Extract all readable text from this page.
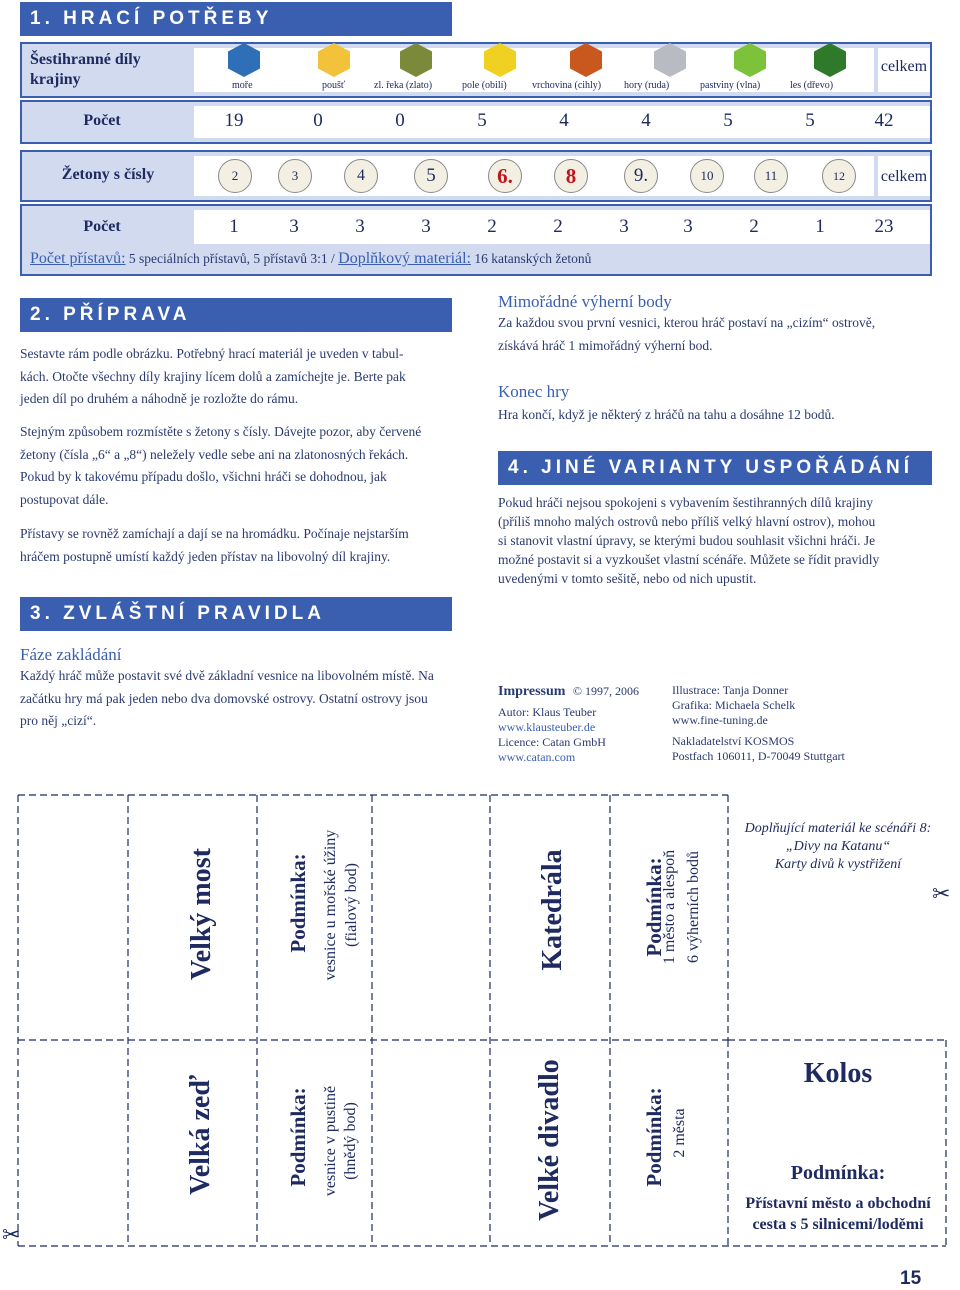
1. HRACÍ POTŘEBY
Šestihranné díly krajiny
celkem
moře	poušť	zl. řeka (zlato)	pole (obilí)	vrchovina (cihly) hory (ruda)	pastviny (vlna)	les (dřevo)
Počet	19	0	0	5	4	4	5	5	42
Žetony s čísly	celkem
2	3	4	5	6.	8	9.	10	11	12
Počet	1	3	3	3	2	2	3	3	2	1	23
Počet přístavů: 5 speciálních přístavů, 5 přístavů 3:1 / Doplňkový materiál: 16 katanských žetonů
2. PŘÍPRAVA
Sestavte rám podle obrázku. Potřebný hrací materiál je uveden v tabul-
kách. Otočte všechny díly krajiny lícem dolů a zamíchejte je. Berte pak
jeden díl po druhém a náhodně je rozložte do rámu.
Stejným způsobem rozmístěte s žetony s čísly. Dávejte pozor, aby červené
žetony (čísla „6“ a „8“) neležely vedle sebe ani na zlatonosných řekách.
Pokud by k takovému případu došlo, všichni hráči se dohodnou, jak
postupovat dále.
Přístavy se rovněž zamíchají a dají se na hromádku. Počínaje nejstarším
hráčem postupně umístí každý jeden přístav na libovolný díl krajiny.
3. ZVLÁŠTNÍ PRAVIDLA
Fáze zakládání
Každý hráč může postavit své dvě základní vesnice na libovolném místě. Na
začátku hry má pak jeden nebo dva domovské ostrovy. Ostatní ostrovy jsou
pro něj „cizí“.
Mimořádné výherní body
Za každou svou první vesnici, kterou hráč postaví na „cizím“ ostrově,
získává hráč 1 mimořádný výherní bod.
Konec hry
Hra končí, když je některý z hráčů na tahu a dosáhne 12 bodů.
4. JINÉ VARIANTY USPOŘÁDÁNÍ
Pokud hráči nejsou spokojeni s vybavením šestihranných dílů krajiny
(příliš mnoho malých ostrovů nebo příliš velký hlavní ostrov), mohou
si stanovit vlastní úpravy, se kterými budou souhlasit všichni hráči. Je
možné postavit si a vyzkoušet vlastní scénáře. Můžete se řídit pravidly
uvedenými v tomto sešitě, nebo od nich upustit.
Impressum © 1997, 2006
Autor: Klaus Teuber
www.klausteuber.de
Licence: Catan GmbH
www.catan.com
Illustrace: Tanja Donner
Grafika: Michaela Schelk
www.fine-tuning.de
Nakladatelství KOSMOS
Postfach 106011, D-70049 Stuttgart
✂
✂
Velký most	Podmínka: vesnice u mořské úžiny (fialový bod)	Katedrála	Podmínka:
1 město a alespoň 6 výherních bodů
Doplňující materiál ke scénáři 8:
„Divy na Katanu“
Karty divů k vystřižení
Velká zeď	Podmínka: vesnice v pustině (hnědý bod)	Velké divadlo	Podmínka: 2 města
Kolos
Podmínka:
Přístavní město a obchodní
cesta s 5 silnicemi/loděmi
15
